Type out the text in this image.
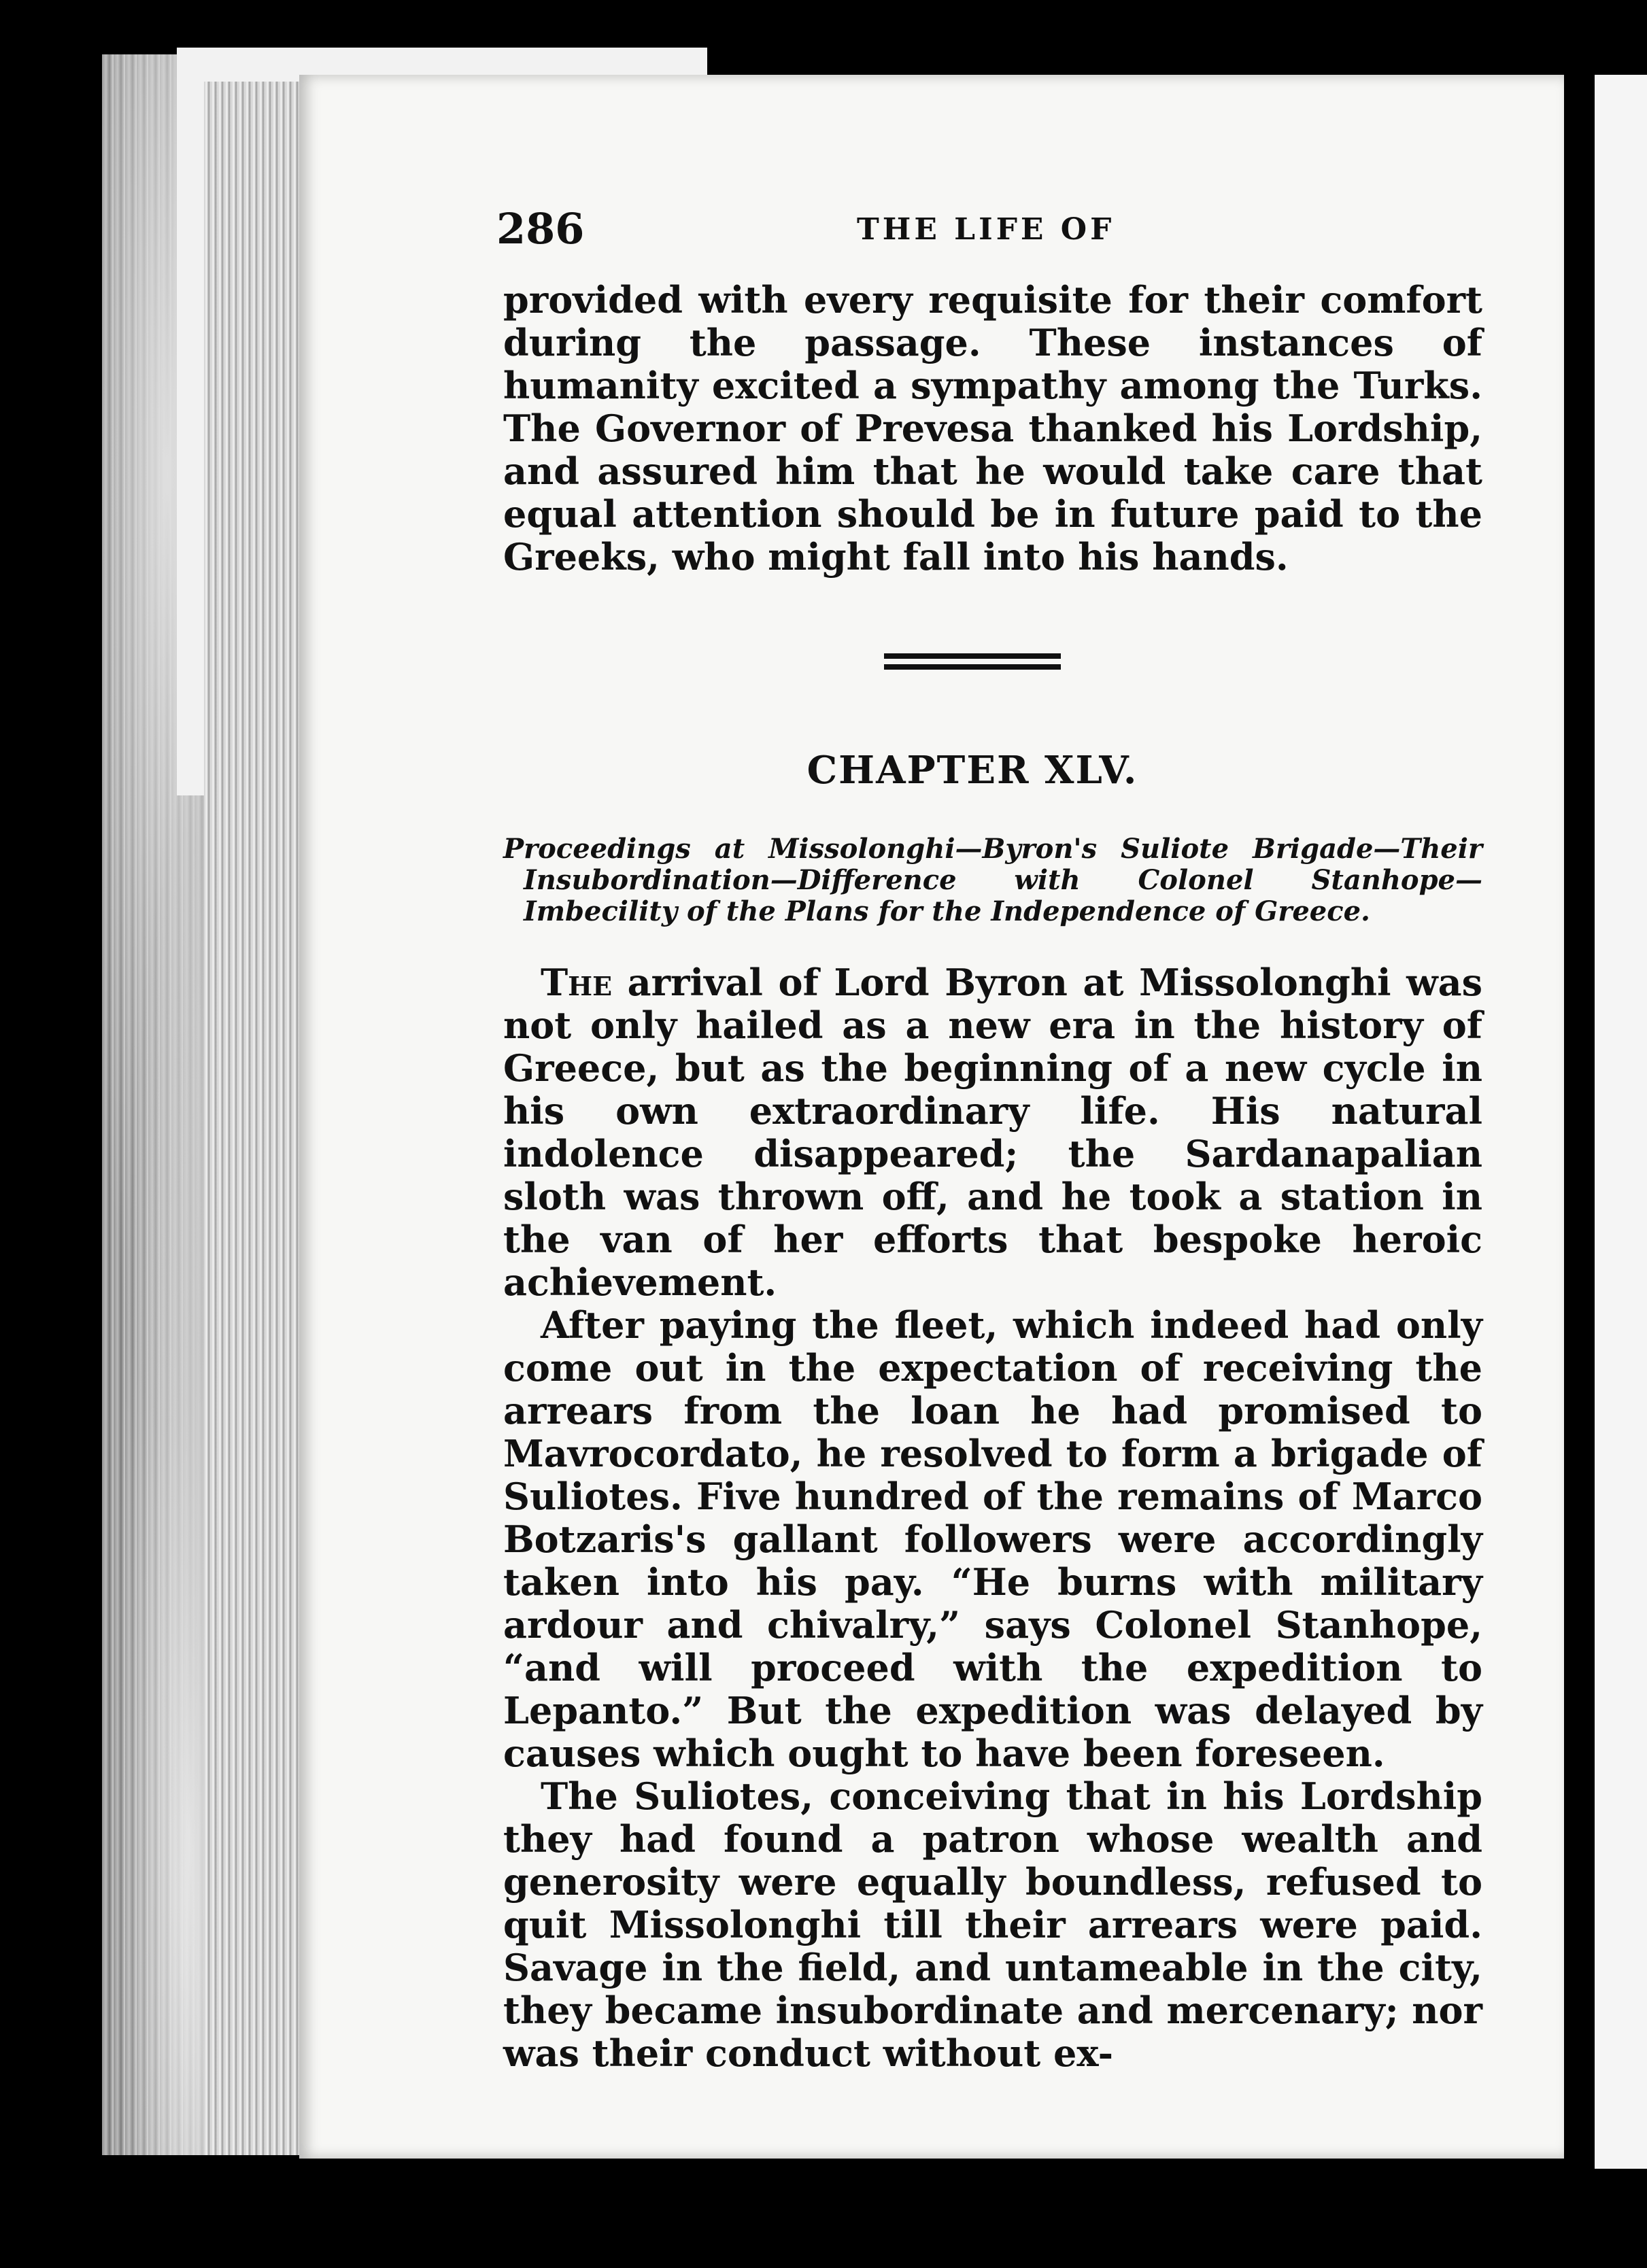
286	THE LIFE OF

provided with every requisite for their comfort during the passage. These instances of humanity excited a sympathy among the Turks. The Governor of Prevesa thanked his Lordship, and assured him that he would take care that equal attention should be in future paid to the Greeks, who might fall into his hands.

CHAPTER XLV.

Proceedings at Missolonghi—Byron's Suliote Brigade—Their Insubordination—Difference with Colonel Stanhope—Imbecility of the Plans for the Independence of Greece.

The arrival of Lord Byron at Missolonghi was not only hailed as a new era in the history of Greece, but as the beginning of a new cycle in his own extraordinary life. His natural indolence disappeared; the Sardanapalian sloth was thrown off, and he took a station in the van of her efforts that bespoke heroic achievement.

After paying the fleet, which indeed had only come out in the expectation of receiving the arrears from the loan he had promised to Mavrocordato, he resolved to form a brigade of Suliotes. Five hundred of the remains of Marco Botzaris's gallant followers were accordingly taken into his pay. “He burns with military ardour and chivalry,” says Colonel Stanhope, “and will proceed with the expedition to Lepanto.” But the expedition was delayed by causes which ought to have been foreseen.

The Suliotes, conceiving that in his Lordship they had found a patron whose wealth and generosity were equally boundless, refused to quit Missolonghi till their arrears were paid. Savage in the field, and untameable in the city, they became insubordinate and mercenary; nor was their conduct without ex-
